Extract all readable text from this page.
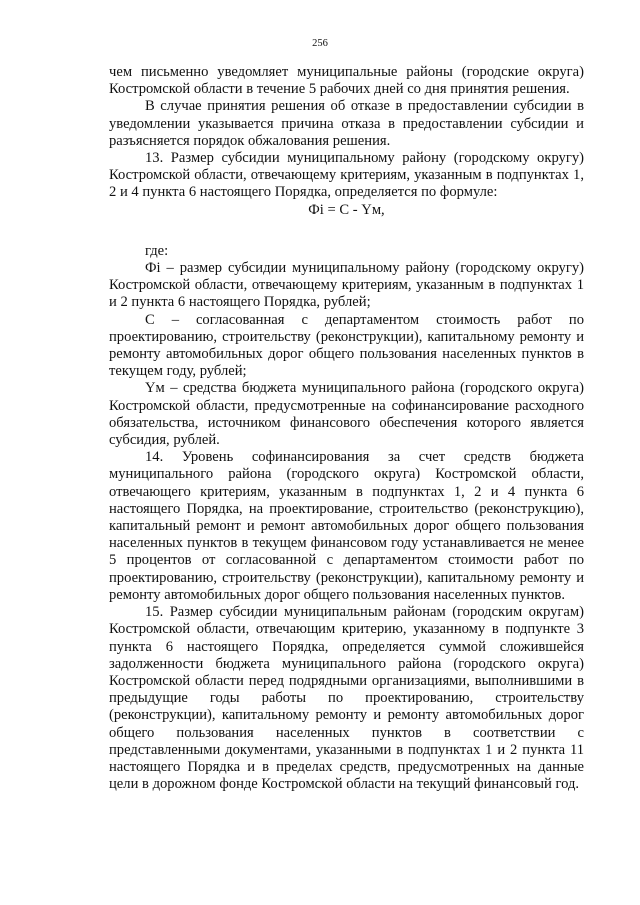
256

чем письменно уведомляет муниципальные районы (городские округа) Костромской области в течение 5 рабочих дней со дня принятия решения.

В случае принятия решения об отказе в предоставлении субсидии в уведомлении указывается причина отказа в предоставлении субсидии и разъясняется порядок обжалования решения.

13. Размер субсидии муниципальному району (городскому округу) Костромской области, отвечающему критериям, указанным в подпунктах 1, 2 и 4 пункта 6 настоящего Порядка, определяется по формуле:

Фi = С - Yм,

где:

Фi – размер субсидии муниципальному району (городскому округу) Костромской области, отвечающему критериям, указанным в подпунктах 1 и 2 пункта 6 настоящего Порядка, рублей;

С – согласованная с департаментом стоимость работ по проектированию, строительству (реконструкции), капитальному ремонту и ремонту автомобильных дорог общего пользования населенных пунктов в текущем году, рублей;

Yм – средства бюджета муниципального района (городского округа) Костромской области, предусмотренные на софинансирование расходного обязательства, источником финансового обеспечения которого является субсидия, рублей.

14. Уровень софинансирования за счет средств бюджета муниципального района (городского округа) Костромской области, отвечающего критериям, указанным в подпунктах 1, 2 и 4 пункта 6 настоящего Порядка, на проектирование, строительство (реконструкцию), капитальный ремонт и ремонт автомобильных дорог общего пользования населенных пунктов в текущем финансовом году устанавливается не менее 5 процентов от согласованной с департаментом стоимости работ по проектированию, строительству (реконструкции), капитальному ремонту и ремонту автомобильных дорог общего пользования населенных пунктов.

15. Размер субсидии муниципальным районам (городским округам) Костромской области, отвечающим критерию, указанному в подпункте 3 пункта 6 настоящего Порядка, определяется суммой сложившейся задолженности бюджета муниципального района (городского округа) Костромской области перед подрядными организациями, выполнившими в предыдущие годы работы по проектированию, строительству (реконструкции), капитальному ремонту и ремонту автомобильных дорог общего пользования населенных пунктов в соответствии с представленными документами, указанными в подпунктах 1 и 2 пункта 11 настоящего Порядка и в пределах средств, предусмотренных на данные цели в дорожном фонде Костромской области на текущий финансовый год.
